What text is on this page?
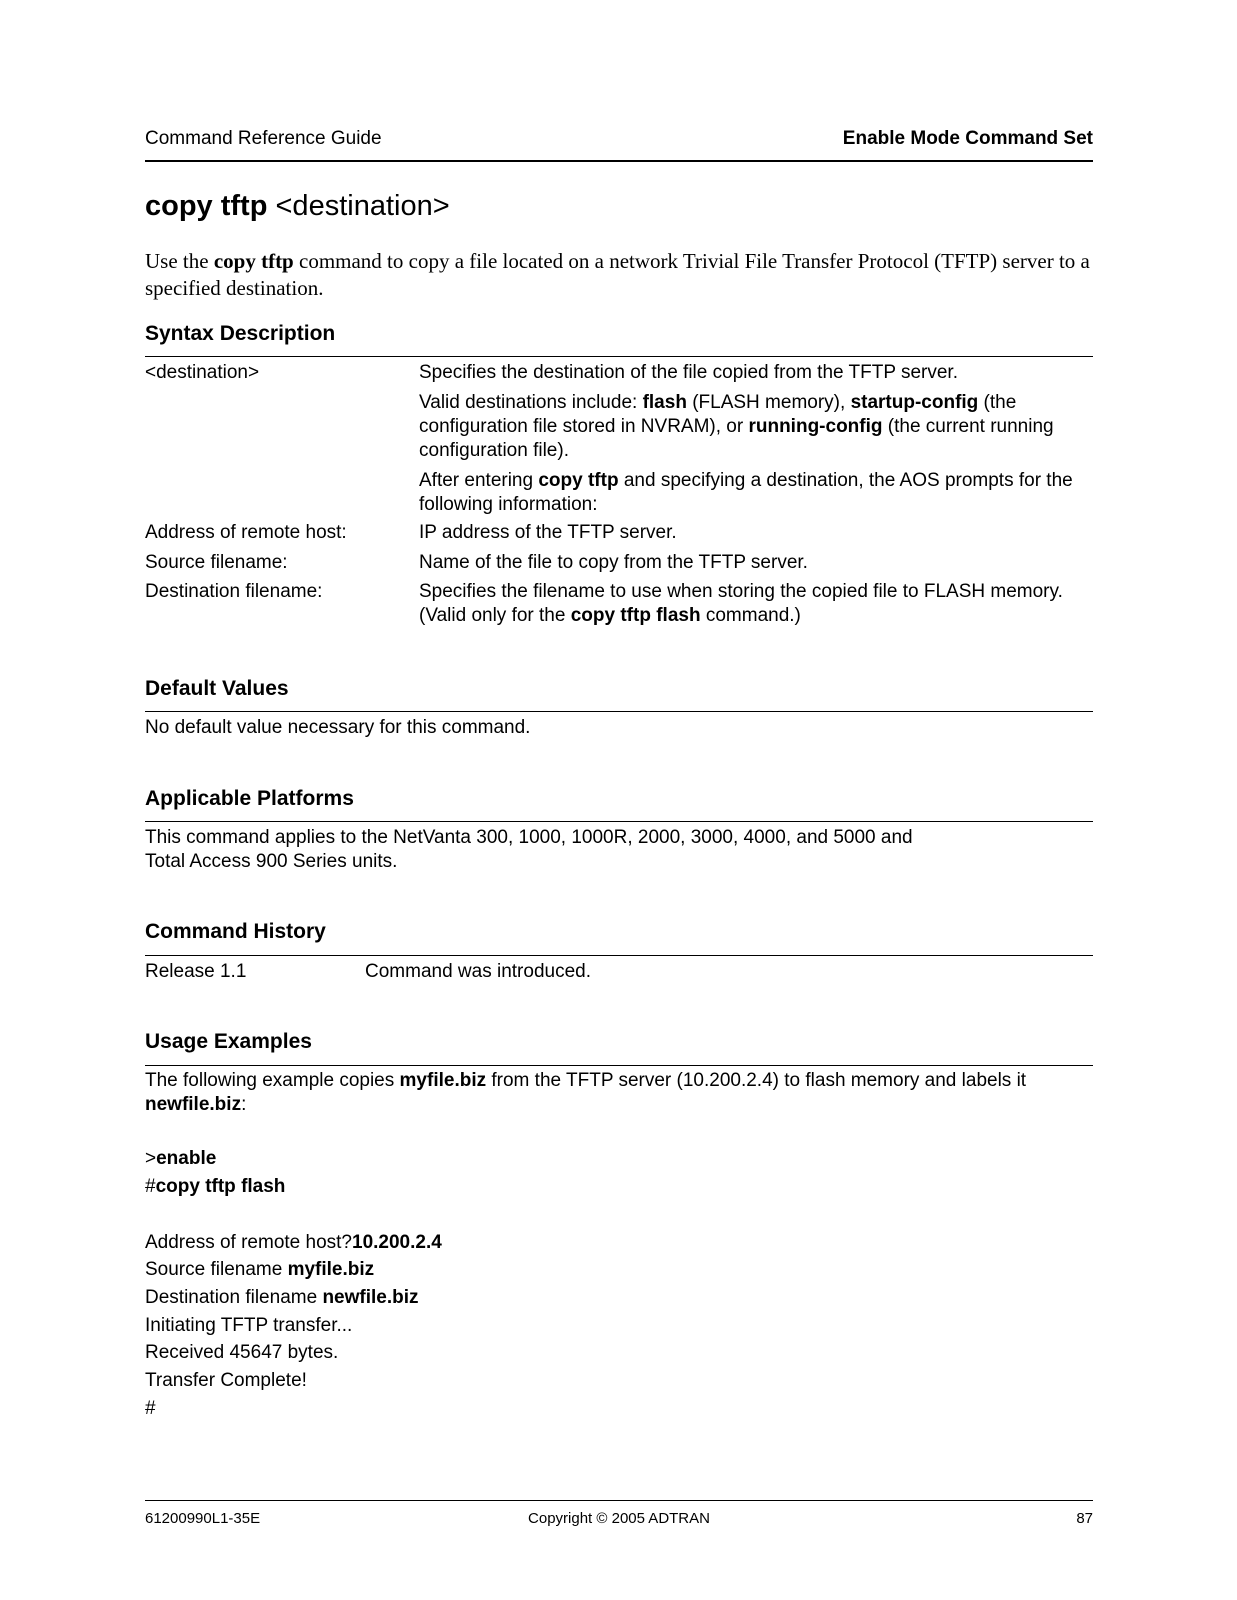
Command Reference Guide	Enable Mode Command Set
copy tftp <destination>
Use the copy tftp command to copy a file located on a network Trivial File Transfer Protocol (TFTP) server to a specified destination.
Syntax Description
<destination>	Specifies the destination of the file copied from the TFTP server.
Valid destinations include: flash (FLASH memory), startup-config (the configuration file stored in NVRAM), or running-config (the current running configuration file).
After entering copy tftp and specifying a destination, the AOS prompts for the following information:
Address of remote host:	IP address of the TFTP server.
Source filename:	Name of the file to copy from the TFTP server.
Destination filename:	Specifies the filename to use when storing the copied file to FLASH memory. (Valid only for the copy tftp flash command.)
Default Values
No default value necessary for this command.
Applicable Platforms
This command applies to the NetVanta 300, 1000, 1000R, 2000, 3000, 4000, and 5000 and
Total Access 900 Series units.
Command History
Release 1.1	Command was introduced.
Usage Examples
The following example copies myfile.biz from the TFTP server (10.200.2.4) to flash memory and labels it newfile.biz:
>enable
#copy tftp flash
Address of remote host?10.200.2.4
Source filename myfile.biz
Destination filename newfile.biz
Initiating TFTP transfer...
Received 45647 bytes.
Transfer Complete!
#
61200990L1-35E	Copyright © 2005 ADTRAN	87
